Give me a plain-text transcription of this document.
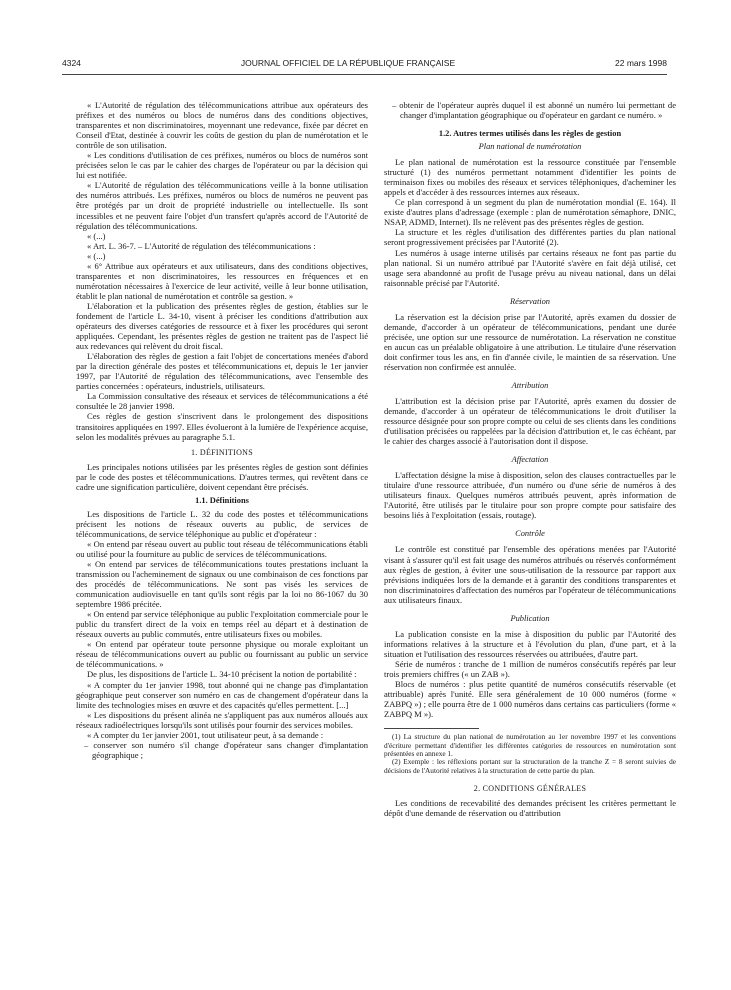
4324	JOURNAL OFFICIEL DE LA RÉPUBLIQUE FRANÇAISE	22 mars 1998

« L'Autorité de régulation des télécommunications attribue aux opérateurs des préfixes et des numéros ou blocs de numéros dans des conditions objectives, transparentes et non discriminatoires, moyennant une redevance, fixée par décret en Conseil d'Etat, destinée à couvrir les coûts de gestion du plan de numérotation et le contrôle de son utilisation.

« Les conditions d'utilisation de ces préfixes, numéros ou blocs de numéros sont précisées selon le cas par le cahier des charges de l'opérateur ou par la décision qui lui est notifiée.

« L'Autorité de régulation des télécommunications veille à la bonne utilisation des numéros attribués. Les préfixes, numéros ou blocs de numéros ne peuvent pas être protégés par un droit de propriété industrielle ou intellectuelle. Ils sont incessibles et ne peuvent faire l'objet d'un transfert qu'après accord de l'Autorité de régulation des télécommunications.

« (...)

« Art. L. 36-7. – L'Autorité de régulation des télécommunications :

« (...)

« 6° Attribue aux opérateurs et aux utilisateurs, dans des conditions objectives, transparentes et non discriminatoires, les ressources en fréquences et en numérotation nécessaires à l'exercice de leur activité, veille à leur bonne utilisation, établit le plan national de numérotation et contrôle sa gestion. »

L'élaboration et la publication des présentes règles de gestion, établies sur le fondement de l'article L. 34-10, visent à préciser les conditions d'attribution aux opérateurs des diverses catégories de ressource et à fixer les procédures qui seront appliquées. Cependant, les présentes règles de gestion ne traitent pas de l'aspect lié aux redevances qui relèvent du droit fiscal.

L'élaboration des règles de gestion a fait l'objet de concertations menées d'abord par la direction générale des postes et télécommunications et, depuis le 1er janvier 1997, par l'Autorité de régulation des télécommunications, avec l'ensemble des parties concernées : opérateurs, industriels, utilisateurs.

La Commission consultative des réseaux et services de télécommunications a été consultée le 28 janvier 1998.

Ces règles de gestion s'inscrivent dans le prolongement des dispositions transitoires appliquées en 1997. Elles évolueront à la lumière de l'expérience acquise, selon les modalités prévues au paragraphe 5.1.

1. DÉFINITIONS

Les principales notions utilisées par les présentes règles de gestion sont définies par le code des postes et télécommunications. D'autres termes, qui revêtent dans ce cadre une signification particulière, doivent cependant être précisés.

1.1. Définitions

Les dispositions de l'article L. 32 du code des postes et télécommunications précisent les notions de réseaux ouverts au public, de services de télécommunications, de service téléphonique au public et d'opérateur :

« On entend par réseau ouvert au public tout réseau de télécommunications établi ou utilisé pour la fourniture au public de services de télécommunications.

« On entend par services de télécommunications toutes prestations incluant la transmission ou l'acheminement de signaux ou une combinaison de ces fonctions par des procédés de télécommunications. Ne sont pas visés les services de communication audiovisuelle en tant qu'ils sont régis par la loi no 86-1067 du 30 septembre 1986 précitée.

« On entend par service téléphonique au public l'exploitation commerciale pour le public du transfert direct de la voix en temps réel au départ et à destination de réseaux ouverts au public commutés, entre utilisateurs fixes ou mobiles.

« On entend par opérateur toute personne physique ou morale exploitant un réseau de télécommunications ouvert au public ou fournissant au public un service de télécommunications. »

De plus, les dispositions de l'article L. 34-10 précisent la notion de portabilité :

« A compter du 1er janvier 1998, tout abonné qui ne change pas d'implantation géographique peut conserver son numéro en cas de changement d'opérateur dans la limite des technologies mises en œuvre et des capacités qu'elles permettent. [...]

« Les dispositions du présent alinéa ne s'appliquent pas aux numéros alloués aux réseaux radioélectriques lorsqu'ils sont utilisés pour fournir des services mobiles.

« A compter du 1er janvier 2001, tout utilisateur peut, à sa demande :

– conserver son numéro s'il change d'opérateur sans changer d'implantation géographique ;

– obtenir de l'opérateur auprès duquel il est abonné un numéro lui permettant de changer d'implantation géographique ou d'opérateur en gardant ce numéro. »

1.2. Autres termes utilisés dans les règles de gestion
Plan national de numérotation

Le plan national de numérotation est la ressource constituée par l'ensemble structuré (1) des numéros permettant notamment d'identifier les points de terminaison fixes ou mobiles des réseaux et services téléphoniques, d'acheminer les appels et d'accéder à des ressources internes aux réseaux.

Ce plan correspond à un segment du plan de numérotation mondial (E. 164). Il existe d'autres plans d'adressage (exemple : plan de numérotation sémaphore, DNIC, NSAP, ADMD, Internet). Ils ne relèvent pas des présentes règles de gestion.

La structure et les règles d'utilisation des différentes parties du plan national seront progressivement précisées par l'Autorité (2).

Les numéros à usage interne utilisés par certains réseaux ne font pas partie du plan national. Si un numéro attribué par l'Autorité s'avère en fait déjà utilisé, cet usage sera abandonné au profit de l'usage prévu au niveau national, dans un délai raisonnable précisé par l'Autorité.

Réservation

La réservation est la décision prise par l'Autorité, après examen du dossier de demande, d'accorder à un opérateur de télécommunications, pendant une durée précisée, une option sur une ressource de numérotation. La réservation ne constitue en aucun cas un préalable obligatoire à une attribution. Le titulaire d'une réservation doit confirmer tous les ans, en fin d'année civile, le maintien de sa réservation. Une réservation non confirmée est annulée.

Attribution

L'attribution est la décision prise par l'Autorité, après examen du dossier de demande, d'accorder à un opérateur de télécommunications le droit d'utiliser la ressource désignée pour son propre compte ou celui de ses clients dans les conditions d'utilisation précisées ou rappelées par la décision d'attribution et, le cas échéant, par le cahier des charges associé à l'autorisation dont il dispose.

Affectation

L'affectation désigne la mise à disposition, selon des clauses contractuelles par le titulaire d'une ressource attribuée, d'un numéro ou d'une série de numéros à des utilisateurs finaux. Quelques numéros attribués peuvent, après information de l'Autorité, être utilisés par le titulaire pour son propre compte pour satisfaire des besoins liés à l'exploitation (essais, routage).

Contrôle

Le contrôle est constitué par l'ensemble des opérations menées par l'Autorité visant à s'assurer qu'il est fait usage des numéros attribués ou réservés conformément aux règles de gestion, à éviter une sous-utilisation de la ressource par rapport aux prévisions indiquées lors de la demande et à garantir des conditions transparentes et non discriminatoires d'affectation des numéros par l'opérateur de télécommunications aux utilisateurs finaux.

Publication

La publication consiste en la mise à disposition du public par l'Autorité des informations relatives à la structure et à l'évolution du plan, d'une part, et à la situation et l'utilisation des ressources réservées ou attribuées, d'autre part.

Série de numéros : tranche de 1 million de numéros consécutifs repérés par leur trois premiers chiffres (« un ZAB »).

Blocs de numéros : plus petite quantité de numéros consécutifs réservable (et attribuable) après l'unité. Elle sera généralement de 10 000 numéros (forme « ZABPQ ») ; elle pourra être de 1 000 numéros dans certains cas particuliers (forme « ZABPQ M »).

(1) La structure du plan national de numérotation au 1er novembre 1997 et les conventions d'écriture permettant d'identifier les différentes catégories de ressources en numérotation sont présentées en annexe 1.

(2) Exemple : les réflexions portant sur la structuration de la tranche Z = 8 seront suivies de décisions de l'Autorité relatives à la structuration de cette partie du plan.

2. CONDITIONS GÉNÉRALES

Les conditions de recevabilité des demandes précisent les critères permettant le dépôt d'une demande de réservation ou d'attribution
